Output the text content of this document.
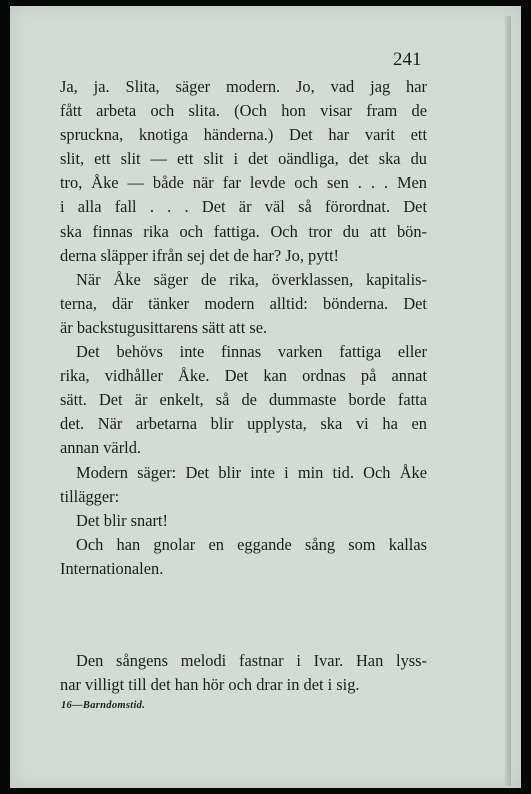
241
Ja, ja. Slita, säger modern. Jo, vad jag har
fått arbeta och slita. (Och hon visar fram de
spruckna, knotiga händerna.) Det har varit ett
slit, ett slit — ett slit i det oändliga, det ska du
tro, Åke — både när far levde och sen . . . Men
i alla fall . . . Det är väl så förordnat. Det
ska finnas rika och fattiga. Och tror du att bön-
derna släpper ifrån sej det de har? Jo, pytt!
När Åke säger de rika, överklassen, kapitalis-
terna, där tänker modern alltid: bönderna. Det
är backstugusittarens sätt att se.
Det behövs inte finnas varken fattiga eller
rika, vidhåller Åke. Det kan ordnas på annat
sätt. Det är enkelt, så de dummaste borde fatta
det. När arbetarna blir upplysta, ska vi ha en
annan värld.
Modern säger: Det blir inte i min tid. Och Åke
tillägger:
Det blir snart!
Och han gnolar en eggande sång som kallas
Internationalen.
Den sångens melodi fastnar i Ivar. Han lyss-
nar villigt till det han hör och drar in det i sig.
16—Barndomstid.
